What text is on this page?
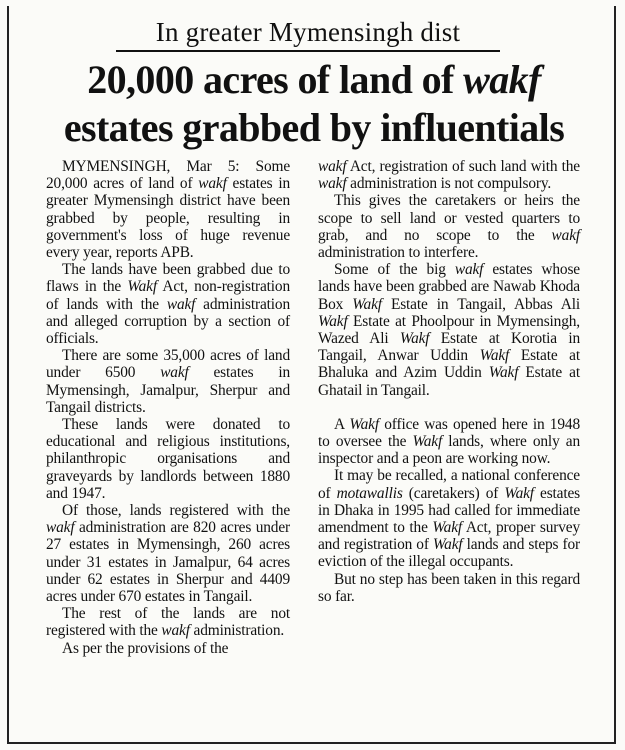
In greater Mymensingh dist
20,000 acres of land of wakf
estates grabbed by influentials

MYMENSINGH, Mar 5: Some 20,000 acres of land of wakf estates in greater Mymensingh district have been grabbed by people, resulting in government's loss of huge revenue every year, reports APB.

The lands have been grabbed due to flaws in the Wakf Act, non-registration of lands with the wakf administration and alleged corruption by a section of officials.

There are some 35,000 acres of land under 6500 wakf estates in Mymensingh, Jamalpur, Sherpur and Tangail districts.

These lands were donated to educational and religious institutions, philanthropic organisations and graveyards by landlords between 1880 and 1947.

Of those, lands registered with the wakf administration are 820 acres under 27 estates in Mymensingh, 260 acres under 31 estates in Jamalpur, 64 acres under 62 estates in Sherpur and 4409 acres under 670 estates in Tangail.

The rest of the lands are not registered with the wakf administration.

As per the provisions of the

wakf Act, registration of such land with the wakf administration is not compulsory.

This gives the caretakers or heirs the scope to sell land or vested quarters to grab, and no scope to the wakf administration to interfere.

Some of the big wakf estates whose lands have been grabbed are Nawab Khoda Box Wakf Estate in Tangail, Abbas Ali Wakf Estate at Phoolpour in Mymensingh, Wazed Ali Wakf Estate at Korotia in Tangail, Anwar Uddin Wakf Estate at Bhaluka and Azim Uddin Wakf Estate at Ghatail in Tangail.

A Wakf office was opened here in 1948 to oversee the Wakf lands, where only an inspector and a peon are working now.

It may be recalled, a national conference of motawallis (caretakers) of Wakf estates in Dhaka in 1995 had called for immediate amendment to the Wakf Act, proper survey and registration of Wakf lands and steps for eviction of the illegal occupants.

But no step has been taken in this regard so far.
